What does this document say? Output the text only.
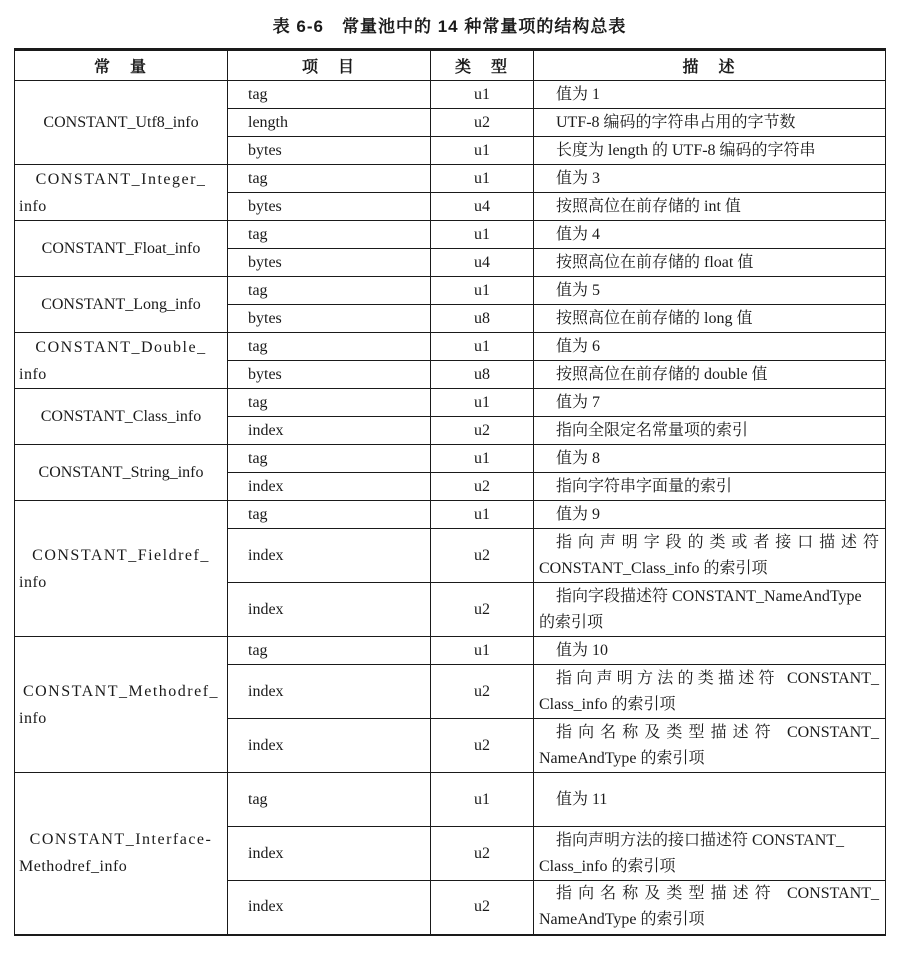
表 6-6　常量池中的 14 种常量项的结构总表
常　量	项　目	类　型	描　述

CONSTANT_Utf8_info	tag	u1	值为 1

	length	u2	UTF-8 编码的字符串占用的字节数

	bytes	u1	长度为 length 的 UTF-8 编码的字符串

CONSTANT_Integer_
info	tag	u1	值为 3

	bytes	u4	按照高位在前存储的 int 值

CONSTANT_Float_info	tag	u1	值为 4

	bytes	u4	按照高位在前存储的 float 值

CONSTANT_Long_info	tag	u1	值为 5

	bytes	u8	按照高位在前存储的 long 值

CONSTANT_Double_
info	tag	u1	值为 6

	bytes	u8	按照高位在前存储的 double 值

CONSTANT_Class_info	tag	u1	值为 7

	index	u2	指向全限定名常量项的索引

CONSTANT_String_info	tag	u1	值为 8

	index	u2	指向字符串字面量的索引

CONSTANT_Fieldref_
info	tag	u1	值为 9

	index	u2	指向声明字段的类或者接口描述符
CONSTANT_Class_info 的索引项

	index	u2	指向字段描述符 CONSTANT_NameAndType
的索引项

CONSTANT_Methodref_
info	tag	u1	值为 10

	index	u2	指向声明方法的类描述符 CONSTANT_
Class_info 的索引项

	index	u2	指向名称及类型描述符 CONSTANT_
NameAndType 的索引项

CONSTANT_Interface-
Methodref_info	tag	u1	值为 11

	index	u2	指向声明方法的接口描述符 CONSTANT_
Class_info 的索引项

	index	u2	指向名称及类型描述符 CONSTANT_
NameAndType 的索引项
